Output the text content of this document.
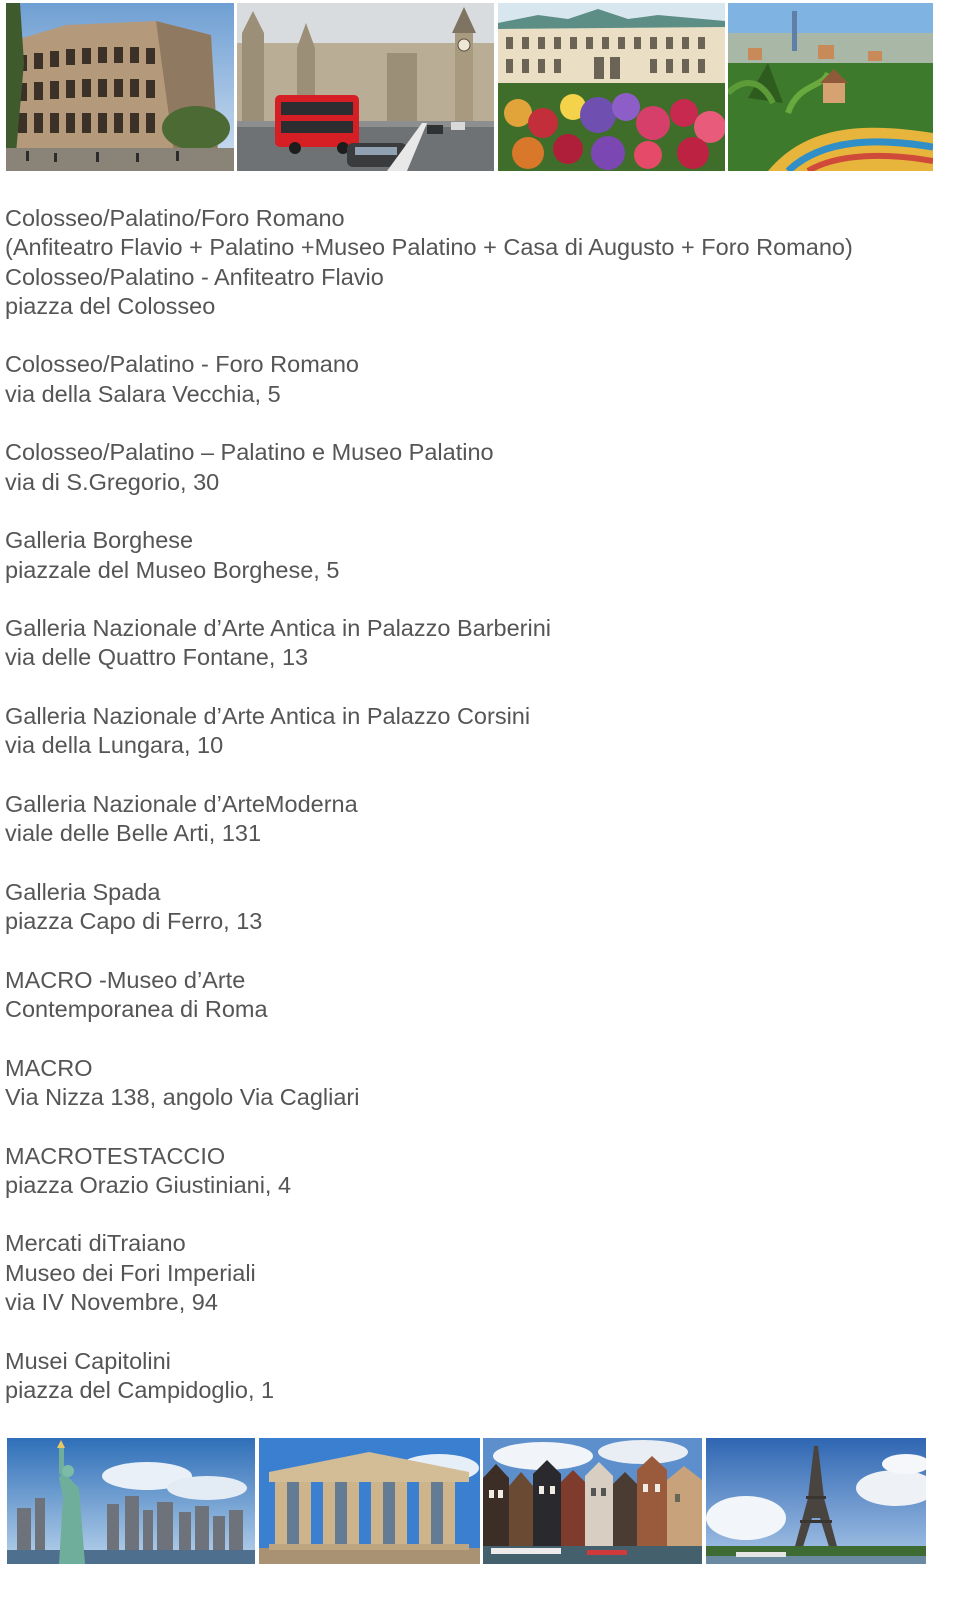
Colosseo/Palatino/Foro Romano
(Anfiteatro Flavio + Palatino +Museo Palatino + Casa di Augusto + Foro Romano)
Colosseo/Palatino - Anfiteatro Flavio
piazza del Colosseo
Colosseo/Palatino - Foro Romano
via della Salara Vecchia, 5
Colosseo/Palatino – Palatino e Museo Palatino
via di S.Gregorio, 30
Galleria Borghese
piazzale del Museo Borghese, 5
Galleria Nazionale d’Arte Antica in Palazzo Barberini
via delle Quattro Fontane, 13
Galleria Nazionale d’Arte Antica in Palazzo Corsini
via della Lungara, 10
Galleria Nazionale d’ArteModerna
viale delle Belle Arti, 131
Galleria Spada
piazza Capo di Ferro, 13
MACRO -Museo d’Arte
Contemporanea di Roma
MACRO
Via Nizza 138, angolo Via Cagliari
MACROTESTACCIO
piazza Orazio Giustiniani, 4
Mercati diTraiano
Museo dei Fori Imperiali
via IV Novembre, 94
Musei Capitolini
piazza del Campidoglio, 1
